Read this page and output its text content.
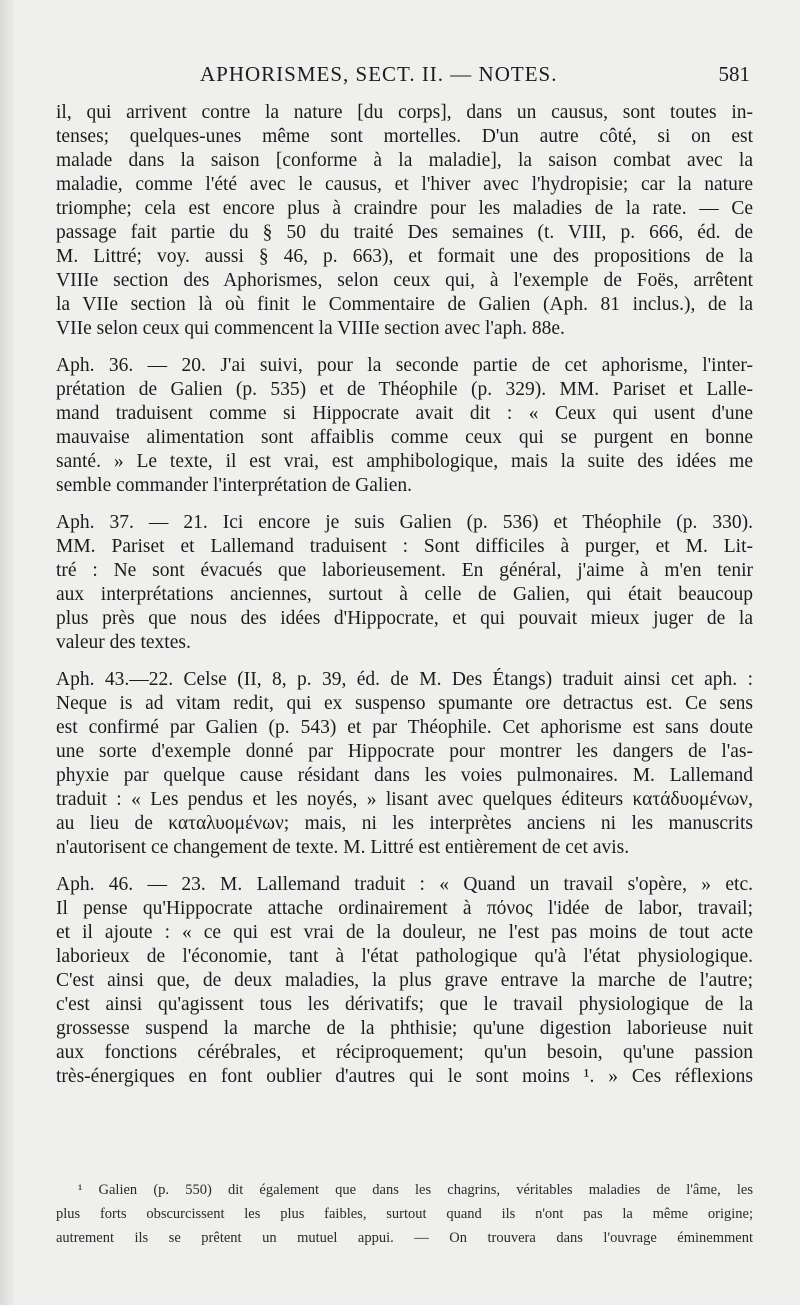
APHORISMES, SECT. II. — NOTES.	581
il, qui arrivent contre la nature [du corps], dans un causus, sont toutes in-
tenses; quelques-unes même sont mortelles. D'un autre côté, si on est
malade dans la saison [conforme à la maladie], la saison combat avec la
maladie, comme l'été avec le causus, et l'hiver avec l'hydropisie; car la nature
triomphe; cela est encore plus à craindre pour les maladies de la rate. — Ce
passage fait partie du § 50 du traité Des semaines (t. VIII, p. 666, éd. de
M. Littré; voy. aussi § 46, p. 663), et formait une des propositions de la
VIIIe section des Aphorismes, selon ceux qui, à l'exemple de Foës, arrêtent
la VIIe section là où finit le Commentaire de Galien (Aph. 81 inclus.), de la
VIIe selon ceux qui commencent la VIIIe section avec l'aph. 88e.
Aph. 36. — 20. J'ai suivi, pour la seconde partie de cet aphorisme, l'inter-
prétation de Galien (p. 535) et de Théophile (p. 329). MM. Pariset et Lalle-
mand traduisent comme si Hippocrate avait dit : « Ceux qui usent d'une
mauvaise alimentation sont affaiblis comme ceux qui se purgent en bonne
santé. » Le texte, il est vrai, est amphibologique, mais la suite des idées me
semble commander l'interprétation de Galien.
Aph. 37. — 21. Ici encore je suis Galien (p. 536) et Théophile (p. 330).
MM. Pariset et Lallemand traduisent : Sont difficiles à purger, et M. Lit-
tré : Ne sont évacués que laborieusement. En général, j'aime à m'en tenir
aux interprétations anciennes, surtout à celle de Galien, qui était beaucoup
plus près que nous des idées d'Hippocrate, et qui pouvait mieux juger de la
valeur des textes.
Aph. 43.—22. Celse (II, 8, p. 39, éd. de M. Des Étangs) traduit ainsi cet aph. :
Neque is ad vitam redit, qui ex suspenso spumante ore detractus est. Ce sens
est confirmé par Galien (p. 543) et par Théophile. Cet aphorisme est sans doute
une sorte d'exemple donné par Hippocrate pour montrer les dangers de l'as-
phyxie par quelque cause résidant dans les voies pulmonaires. M. Lallemand
traduit : « Les pendus et les noyés, » lisant avec quelques éditeurs κατάδυομένων,
au lieu de καταλυομένων; mais, ni les interprètes anciens ni les manuscrits
n'autorisent ce changement de texte. M. Littré est entièrement de cet avis.
Aph. 46. — 23. M. Lallemand traduit : « Quand un travail s'opère, » etc.
Il pense qu'Hippocrate attache ordinairement à πόνος l'idée de labor, travail;
et il ajoute : « ce qui est vrai de la douleur, ne l'est pas moins de tout acte
laborieux de l'économie, tant à l'état pathologique qu'à l'état physiologique.
C'est ainsi que, de deux maladies, la plus grave entrave la marche de l'autre;
c'est ainsi qu'agissent tous les dérivatifs; que le travail physiologique de la
grossesse suspend la marche de la phthisie; qu'une digestion laborieuse nuit
aux fonctions cérébrales, et réciproquement; qu'un besoin, qu'une passion
très-énergiques en font oublier d'autres qui le sont moins ¹. » Ces réflexions
¹ Galien (p. 550) dit également que dans les chagrins, véritables maladies de l'âme, les
plus forts obscurcissent les plus faibles, surtout quand ils n'ont pas la même origine;
autrement ils se prêtent un mutuel appui. — On trouvera dans l'ouvrage éminemment
